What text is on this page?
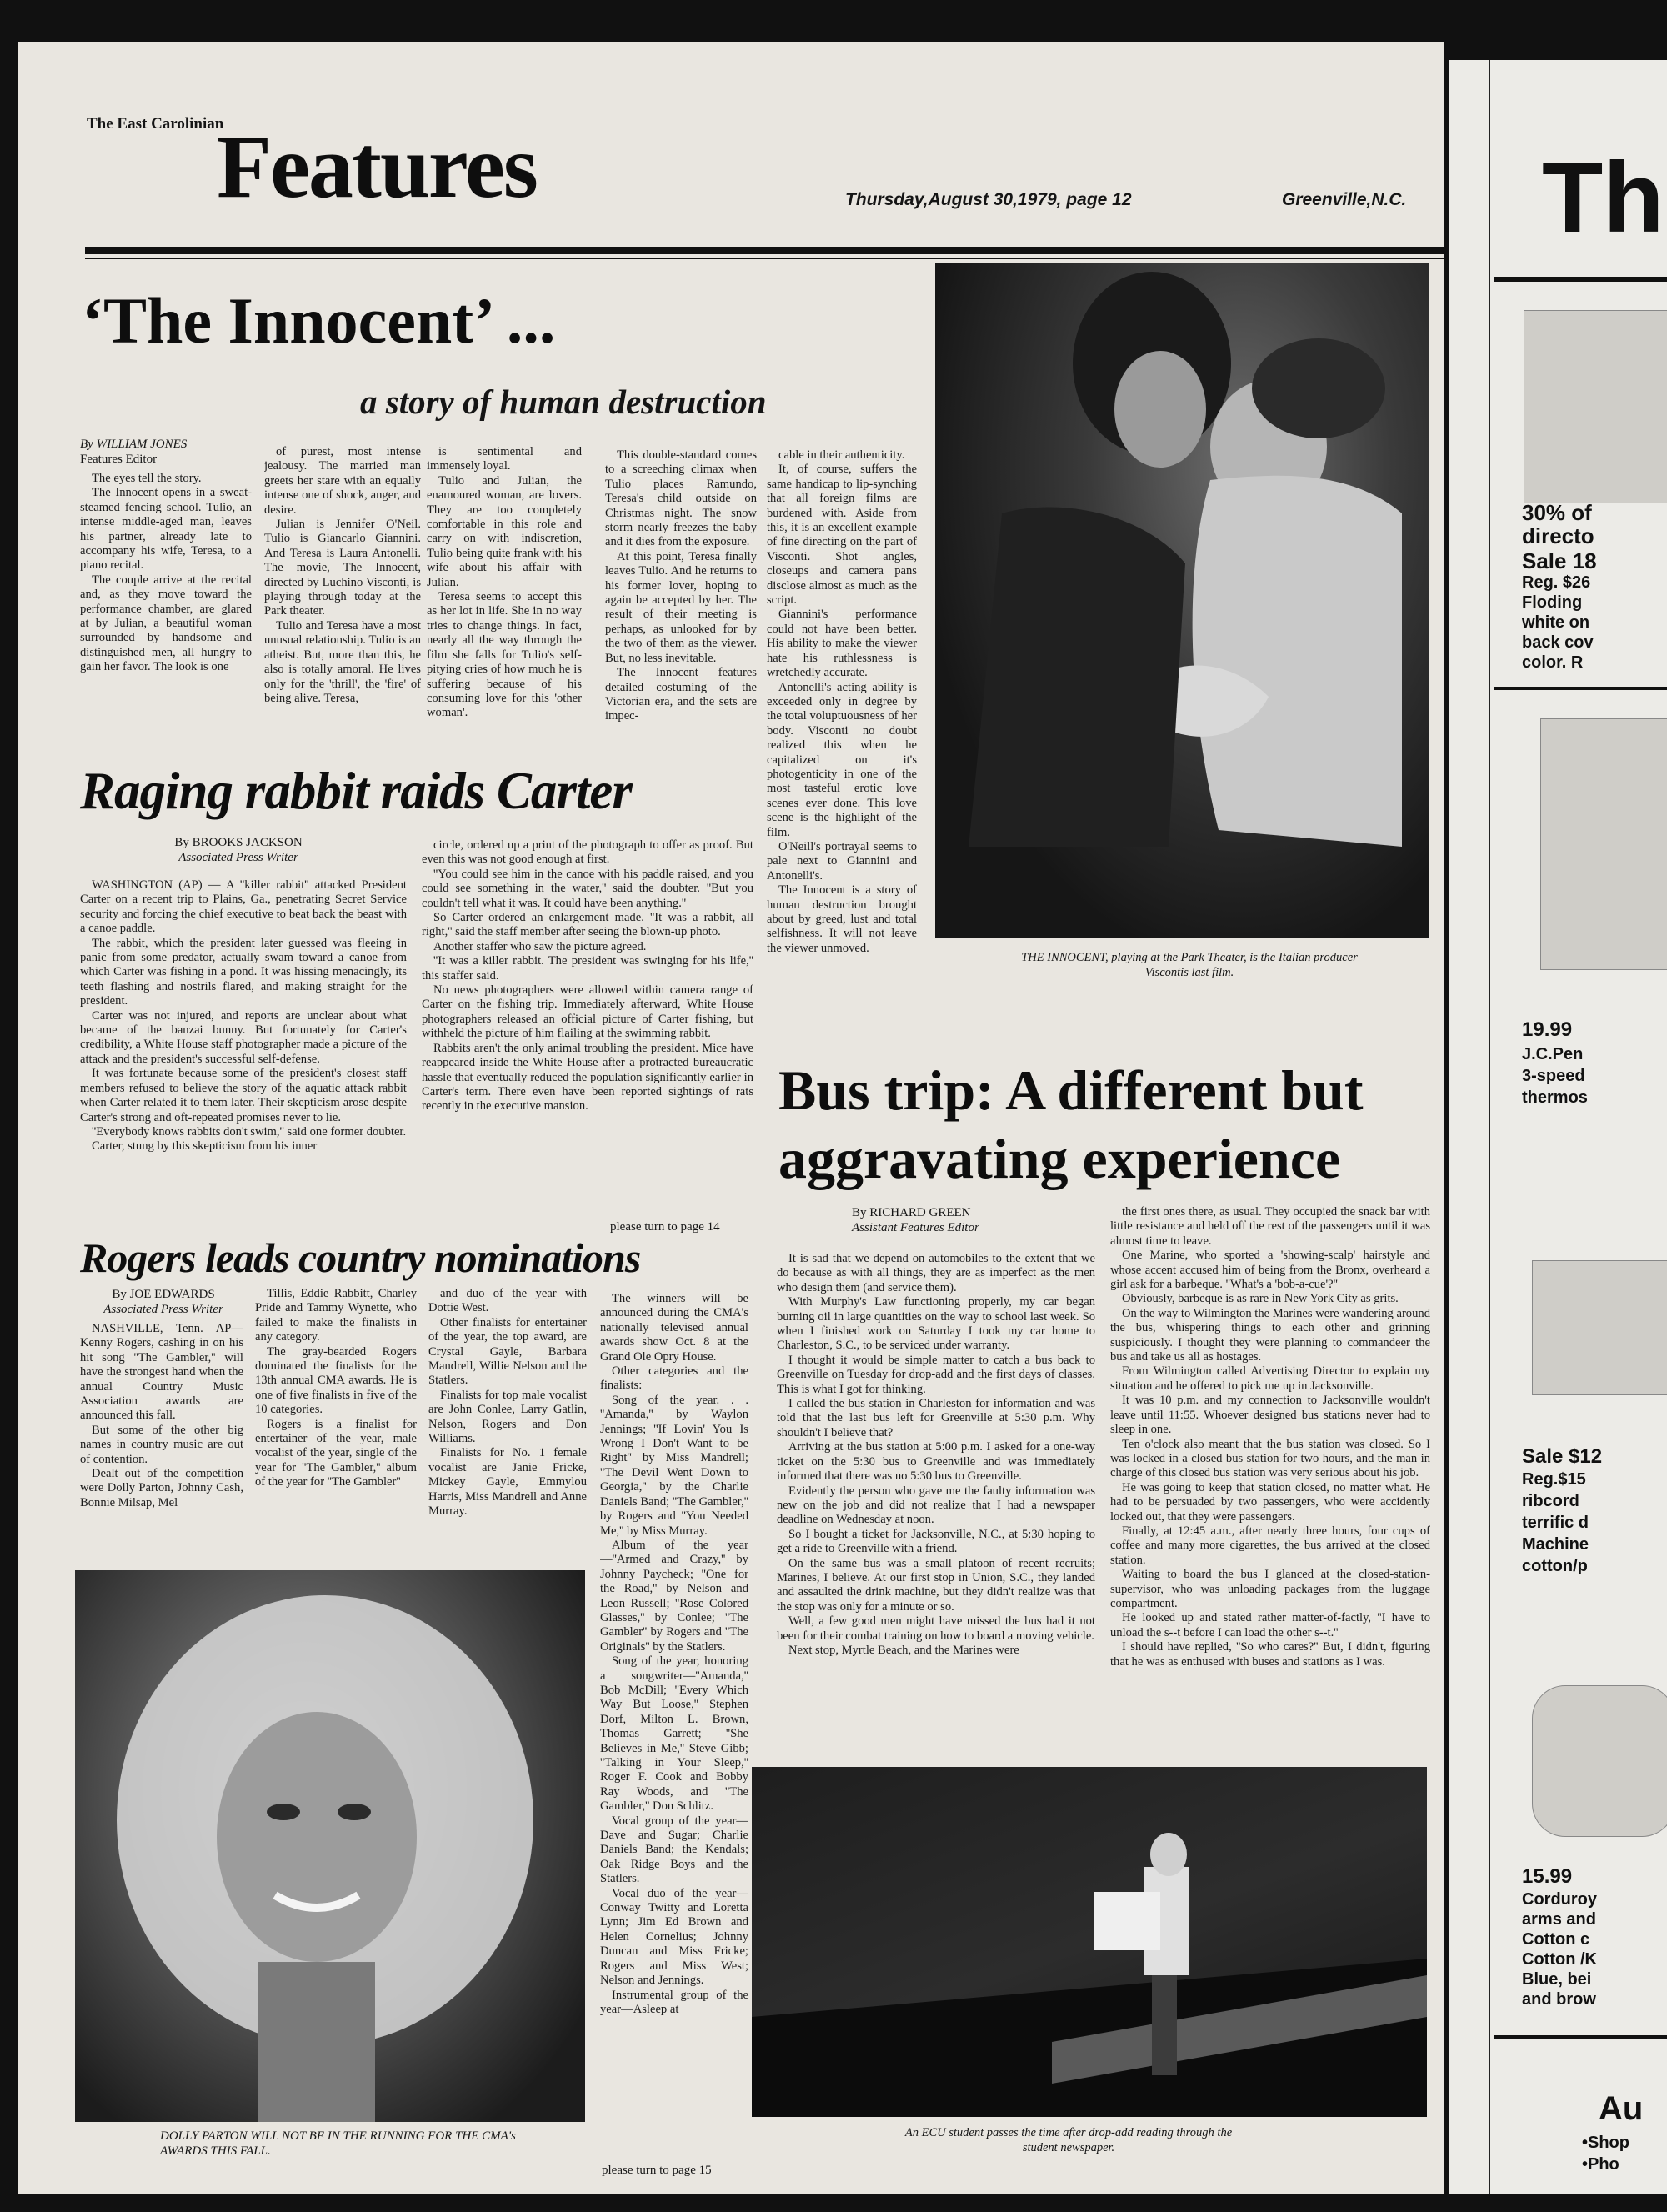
The East Carolinian
Features	Thursday,August 30,1979, page 12	Greenville,N.C.
‘The Innocent’ ...
a story of human destruction
By WILLIAM JONES
Features Editor

The eyes tell the story.

The Innocent opens in a sweat-steamed fencing school. Tulio, an intense middle-aged man, leaves his partner, already late to accompany his wife, Teresa, to a piano recital.

The couple arrive at the recital and, as they move toward the performance chamber, are glared at by Julian, a beautiful woman surrounded by handsome and distinguished men, all hungry to gain her favor. The look is one

of purest, most intense jealousy. The married man greets her stare with an equally intense one of shock, anger, and desire.

Julian is Jennifer O'Neil. Tulio is Giancarlo Giannini. And Teresa is Laura Antonelli. The movie, The Innocent, directed by Luchino Visconti, is playing through today at the Park theater.

Tulio and Teresa have a most unusual relationship. Tulio is an atheist. But, more than this, he also is totally amoral. He lives only for the 'thrill', the 'fire' of being alive. Teresa,

is sentimental and immensely loyal.

Tulio and Julian, the enamoured woman, are lovers. They are too completely comfortable in this role and carry on with indiscretion, Tulio being quite frank with his wife about his affair with Julian.

Teresa seems to accept this as her lot in life. She in no way tries to change things. In fact, nearly all the way through the film she falls for Tulio's self-pitying cries of how much he is suffering because of his consuming love for this 'other woman'.

This double-standard comes to a screeching climax when Tulio places Ramundo, Teresa's child outside on Christmas night. The snow storm nearly freezes the baby and it dies from the exposure.

At this point, Teresa finally leaves Tulio. And he returns to his former lover, hoping to again be accepted by her. The result of their meeting is perhaps, as unlooked for by the two of them as the viewer. But, no less inevitable.

The Innocent features detailed costuming of the Victorian era, and the sets are impec-

cable in their authenticity.

It, of course, suffers the same handicap to lip-synching that all foreign films are burdened with. Aside from this, it is an excellent example of fine directing on the part of Visconti. Shot angles, closeups and camera pans disclose almost as much as the script.

Giannini's performance could not have been better. His ability to make the viewer hate his ruthlessness is wretchedly accurate.

Antonelli's acting ability is exceeded only in degree by the total voluptuousness of her body. Visconti no doubt realized this when he capitalized on it's photogenticity in one of the most tasteful erotic love scenes ever done. This love scene is the highlight of the film.

O'Neill's portrayal seems to pale next to Giannini and Antonelli's.

The Innocent is a story of human destruction brought about by greed, lust and total selfishness. It will not leave the viewer unmoved.

THE INNOCENT, playing at the Park Theater, is the Italian producer Viscontis last film.
Raging rabbit raids Carter
By BROOKS JACKSON
Associated Press Writer

WASHINGTON (AP) — A ''killer rabbit'' attacked President Carter on a recent trip to Plains, Ga., penetrating Secret Service security and forcing the chief executive to beat back the beast with a canoe paddle.

The rabbit, which the president later guessed was fleeing in panic from some predator, actually swam toward a canoe from which Carter was fishing in a pond. It was hissing menacingly, its teeth flashing and nostrils flared, and making straight for the president.

Carter was not injured, and reports are unclear about what became of the banzai bunny. But fortunately for Carter's credibility, a White House staff photographer made a picture of the attack and the president's successful self-defense.

It was fortunate because some of the president's closest staff members refused to believe the story of the aquatic attack rabbit when Carter related it to them later. Their skepticism arose despite Carter's strong and oft-repeated promises never to lie.

''Everybody knows rabbits don't swim,'' said one former doubter.

Carter, stung by this skepticism from his inner

circle, ordered up a print of the photograph to offer as proof. But even this was not good enough at first.

''You could see him in the canoe with his paddle raised, and you could see something in the water,'' said the doubter. ''But you couldn't tell what it was. It could have been anything.''

So Carter ordered an enlargement made. ''It was a rabbit, all right,'' said the staff member after seeing the blown-up photo.

Another staffer who saw the picture agreed.

''It was a killer rabbit. The president was swinging for his life,'' this staffer said.

No news photographers were allowed within camera range of Carter on the fishing trip. Immediately afterward, White House photographers released an official picture of Carter fishing, but withheld the picture of him flailing at the swimming rabbit.

Rabbits aren't the only animal troubling the president. Mice have reappeared inside the White House after a protracted bureaucratic hassle that eventually reduced the population significantly earlier in Carter's term. There even have been reported sightings of rats recently in the executive mansion.

please turn to page 14
Rogers leads country nominations
By JOE EDWARDS
Associated Press Writer

NASHVILLE, Tenn. AP—Kenny Rogers, cashing in on his hit song ''The Gambler,'' will have the strongest hand when the annual Country Music Association awards are announced this fall.

But some of the other big names in country music are out of contention.

Dealt out of the competition were Dolly Parton, Johnny Cash, Bonnie Milsap, Mel

Tillis, Eddie Rabbitt, Charley Pride and Tammy Wynette, who failed to make the finalists in any category.

The gray-bearded Rogers dominated the finalists for the 13th annual CMA awards. He is one of five finalists in five of the 10 categories.

Rogers is a finalist for entertainer of the year, male vocalist of the year, single of the year for ''The Gambler,'' album of the year for ''The Gambler''

and duo of the year with Dottie West.

Other finalists for entertainer of the year, the top award, are Crystal Gayle, Barbara Mandrell, Willie Nelson and the Statlers.

Finalists for top male vocalist are John Conlee, Larry Gatlin, Nelson, Rogers and Don Williams.

Finalists for No. 1 female vocalist are Janie Fricke, Mickey Gayle, Emmylou Harris, Miss Mandrell and Anne Murray.

The winners will be announced during the CMA's nationally televised annual awards show Oct. 8 at the Grand Ole Opry House.

Other categories and the finalists:

Song of the year. . . ''Amanda,'' by Waylon Jennings; ''If Lovin' You Is Wrong I Don't Want to be Right'' by Miss Mandrell; ''The Devil Went Down to Georgia,'' by the Charlie Daniels Band; ''The Gambler,'' by Rogers and ''You Needed Me,'' by Miss Murray.

Album of the year—''Armed and Crazy,'' by Johnny Paycheck; ''One for the Road,'' by Nelson and Leon Russell; ''Rose Colored Glasses,'' by Conlee; ''The Gambler'' by Rogers and ''The Originals'' by the Statlers.

Song of the year, honoring a songwriter—''Amanda,'' Bob McDill; ''Every Which Way But Loose,'' Stephen Dorf, Milton L. Brown, Thomas Garrett; ''She Believes in Me,'' Steve Gibb; ''Talking in Your Sleep,'' Roger F. Cook and Bobby Ray Woods, and ''The Gambler,'' Don Schlitz.

Vocal group of the year—Dave and Sugar; Charlie Daniels Band; the Kendals; Oak Ridge Boys and the Statlers.

Vocal duo of the year—Conway Twitty and Loretta Lynn; Jim Ed Brown and Helen Cornelius; Johnny Duncan and Miss Fricke; Rogers and Miss West; Nelson and Jennings.

Instrumental group of the year—Asleep at

please turn to page 15
DOLLY PARTON WILL NOT BE IN THE RUNNING FOR THE CMA's AWARDS THIS FALL.
Bus trip: A different but
aggravating experience
By RICHARD GREEN
Assistant Features Editor

It is sad that we depend on automobiles to the extent that we do because as with all things, they are as imperfect as the men who design them (and service them).

With Murphy's Law functioning properly, my car began burning oil in large quantities on the way to school last week. So when I finished work on Saturday I took my car home to Charleston, S.C., to be serviced under warranty.

I thought it would be simple matter to catch a bus back to Greenville on Tuesday for drop-add and the first days of classes. This is what I got for thinking.

I called the bus station in Charleston for information and was told that the last bus left for Greenville at 5:30 p.m. Why shouldn't I believe that?

Arriving at the bus station at 5:00 p.m. I asked for a one-way ticket on the 5:30 bus to Greenville and was immediately informed that there was no 5:30 bus to Greenville.

Evidently the person who gave me the faulty information was new on the job and did not realize that I had a newspaper deadline on Wednesday at noon.

So I bought a ticket for Jacksonville, N.C., at 5:30 hoping to get a ride to Greenville with a friend.

On the same bus was a small platoon of recent recruits; Marines, I believe. At our first stop in Union, S.C., they landed and assaulted the drink machine, but they didn't realize was that the stop was only for a minute or so.

Well, a few good men might have missed the bus had it not been for their combat training on how to board a moving vehicle.

Next stop, Myrtle Beach, and the Marines were

the first ones there, as usual. They occupied the snack bar with little resistance and held off the rest of the passengers until it was almost time to leave.

One Marine, who sported a 'showing-scalp' hairstyle and whose accent accused him of being from the Bronx, overheard a girl ask for a barbeque. ''What's a 'bob-a-cue'?''

Obviously, barbeque is as rare in New York City as grits.

On the way to Wilmington the Marines were wandering around the bus, whispering things to each other and grinning suspiciously. I thought they were planning to commandeer the bus and take us all as hostages.

From Wilmington called Advertising Director to explain my situation and he offered to pick me up in Jacksonville.

It was 10 p.m. and my connection to Jacksonville wouldn't leave until 11:55. Whoever designed bus stations never had to sleep in one.

Ten o'clock also meant that the bus station was closed. So I was locked in a closed bus station for two hours, and the man in charge of this closed bus station was very serious about his job.

He was going to keep that station closed, no matter what. He had to be persuaded by two passengers, who were accidently locked out, that they were passengers.

Finally, at 12:45 a.m., after nearly three hours, four cups of coffee and many more cigarettes, the bus arrived at the closed station.

Waiting to board the bus I glanced at the closed-station-supervisor, who was unloading packages from the luggage compartment.

He looked up and stated rather matter-of-factly, ''I have to unload the s--t before I can load the other s--t.''

I should have replied, ''So who cares?'' But, I didn't, figuring that he was as enthused with buses and stations as I was.

An ECU student passes the time after drop-add reading through the student newspaper.
Th
30% of
directo
Sale 18
Reg. $26
Floding
white on
back cov
color. R
19.99
J.C.Pen
3-speed
thermos
Sale $12
Reg.$15
ribcord
terrific d
Machine
cotton/p
15.99
Corduroy
arms and
Cotton c
Cotton /K
Blue, bei
and brow
Au
•Shop
•Pho
